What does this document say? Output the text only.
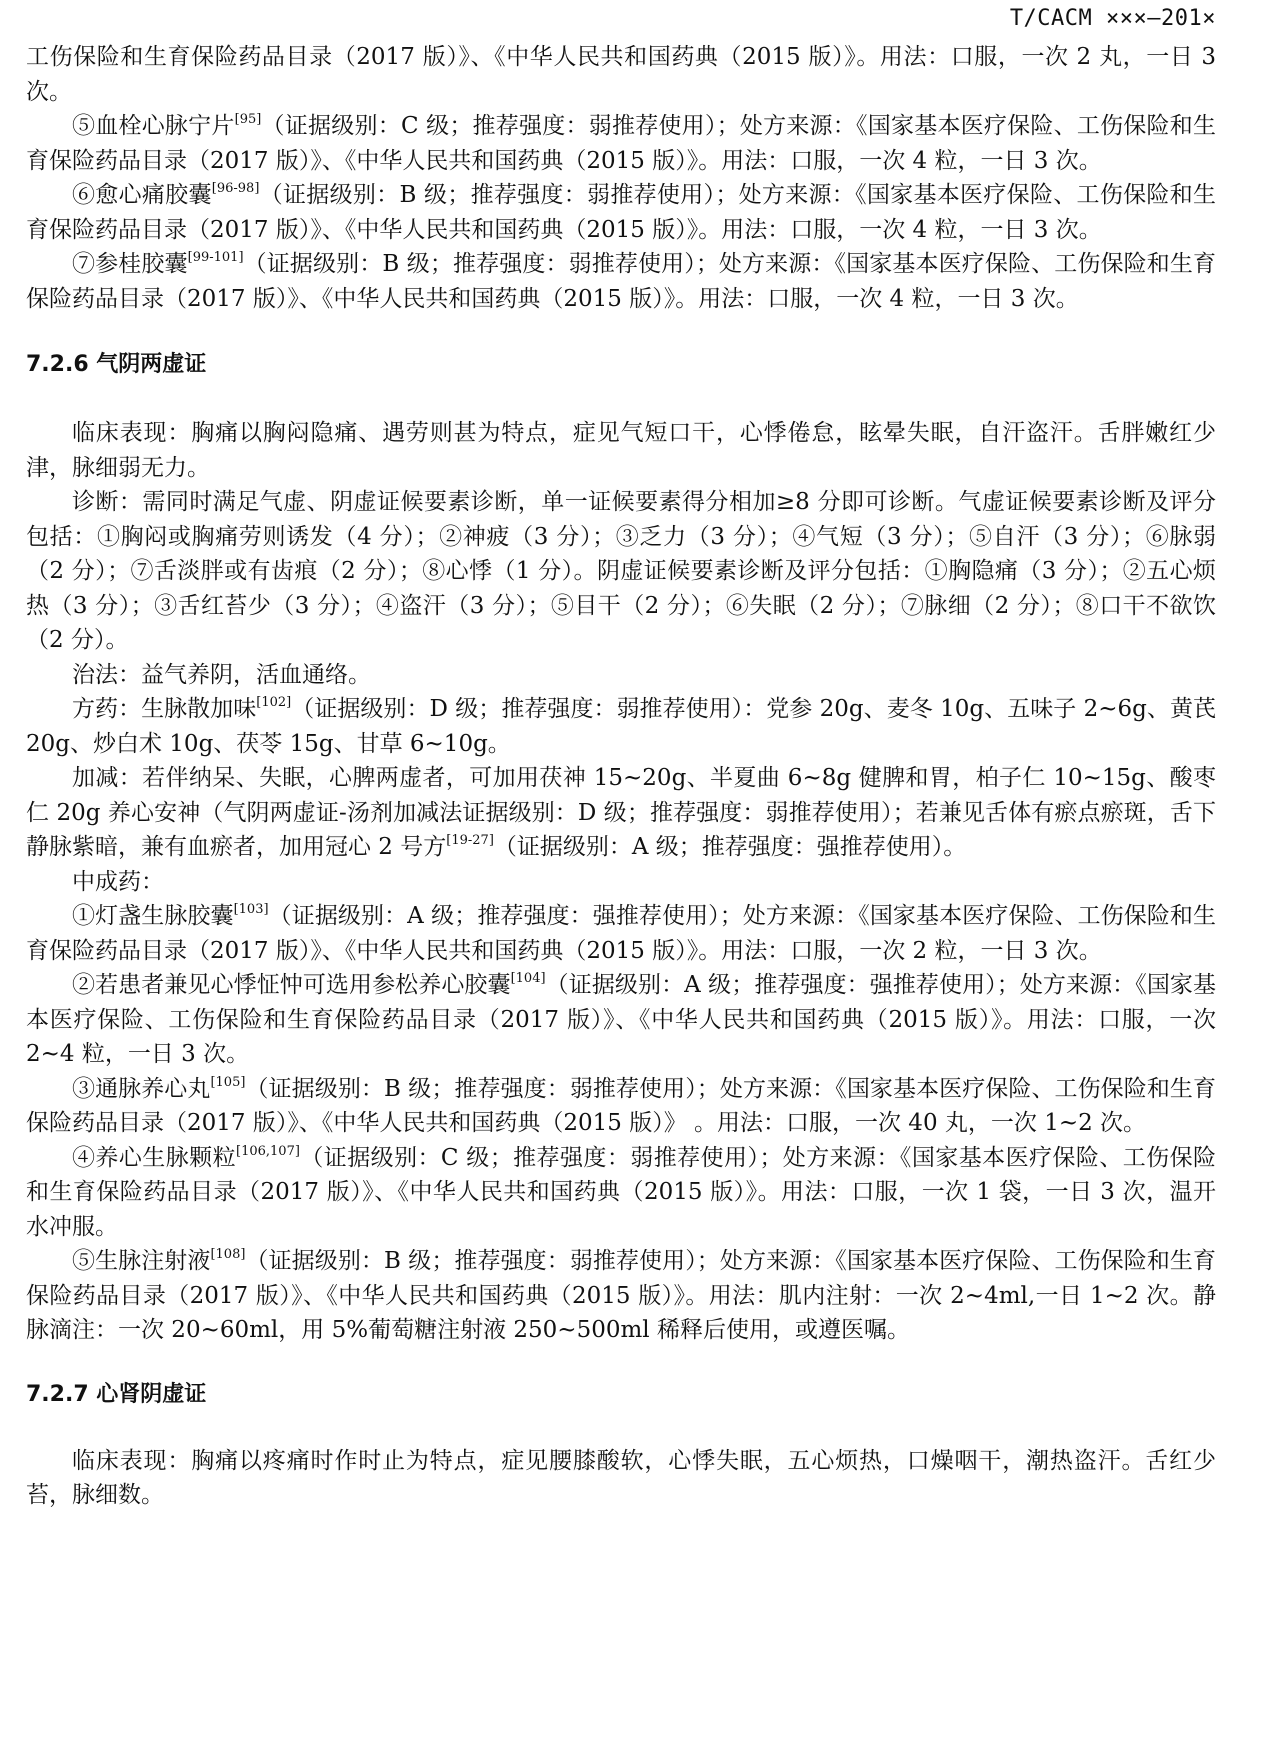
T/CACM ×××—201×

工伤保险和生育保险药品目录（2017 版）》、《中华人民共和国药典（2015 版）》。用法：口服，一次 2 丸，一日 3 次。

⑤血栓心脉宁片[95]（证据级别：C 级；推荐强度：弱推荐使用）；处方来源：《国家基本医疗保险、工伤保险和生育保险药品目录（2017 版）》、《中华人民共和国药典（2015 版）》。用法：口服，一次 4 粒，一日 3 次。

⑥愈心痛胶囊[96-98]（证据级别：B 级；推荐强度：弱推荐使用）；处方来源：《国家基本医疗保险、工伤保险和生育保险药品目录（2017 版）》、《中华人民共和国药典（2015 版）》。用法：口服，一次 4 粒，一日 3 次。

⑦参桂胶囊[99-101]（证据级别：B 级；推荐强度：弱推荐使用）；处方来源：《国家基本医疗保险、工伤保险和生育保险药品目录（2017 版）》、《中华人民共和国药典（2015 版）》。用法：口服，一次 4 粒，一日 3 次。

7.2.6 气阴两虚证

临床表现：胸痛以胸闷隐痛、遇劳则甚为特点，症见气短口干，心悸倦怠，眩晕失眠，自汗盗汗。舌胖嫩红少津，脉细弱无力。

诊断：需同时满足气虚、阴虚证候要素诊断，单一证候要素得分相加≥8 分即可诊断。气虚证候要素诊断及评分包括：①胸闷或胸痛劳则诱发（4 分）；②神疲（3 分）；③乏力（3 分）；④气短（3 分）；⑤自汗（3 分）；⑥脉弱（2 分）；⑦舌淡胖或有齿痕（2 分）；⑧心悸（1 分）。阴虚证候要素诊断及评分包括：①胸隐痛（3 分）；②五心烦热（3 分）；③舌红苔少（3 分）；④盗汗（3 分）；⑤目干（2 分）；⑥失眠（2 分）；⑦脉细（2 分）；⑧口干不欲饮（2 分）。

治法：益气养阴，活血通络。

方药：生脉散加味[102]（证据级别：D 级；推荐强度：弱推荐使用）：党参 20g、麦冬 10g、五味子 2~6g、黄芪 20g、炒白术 10g、茯苓 15g、甘草 6~10g。

加减：若伴纳呆、失眠，心脾两虚者，可加用茯神 15~20g、半夏曲 6~8g 健脾和胃，柏子仁 10~15g、酸枣仁 20g 养心安神（气阴两虚证-汤剂加减法证据级别：D 级；推荐强度：弱推荐使用）；若兼见舌体有瘀点瘀斑，舌下静脉紫暗，兼有血瘀者，加用冠心 2 号方[19-27]（证据级别：A 级；推荐强度：强推荐使用）。

中成药：

①灯盏生脉胶囊[103]（证据级别：A 级；推荐强度：强推荐使用）；处方来源：《国家基本医疗保险、工伤保险和生育保险药品目录（2017 版）》、《中华人民共和国药典（2015 版）》。用法：口服，一次 2 粒，一日 3 次。

②若患者兼见心悸怔忡可选用参松养心胶囊[104]（证据级别：A 级；推荐强度：强推荐使用）；处方来源：《国家基本医疗保险、工伤保险和生育保险药品目录（2017 版）》、《中华人民共和国药典（2015 版）》。用法：口服，一次 2~4 粒，一日 3 次。

③通脉养心丸[105]（证据级别：B 级；推荐强度：弱推荐使用）；处方来源：《国家基本医疗保险、工伤保险和生育保险药品目录（2017 版）》、《中华人民共和国药典（2015 版）》 。用法：口服，一次 40 丸，一次 1~2 次。

④养心生脉颗粒[106,107]（证据级别：C 级；推荐强度：弱推荐使用）；处方来源：《国家基本医疗保险、工伤保险和生育保险药品目录（2017 版）》、《中华人民共和国药典（2015 版）》。用法：口服，一次 1 袋，一日 3 次，温开水冲服。

⑤生脉注射液[108]（证据级别：B 级；推荐强度：弱推荐使用）；处方来源：《国家基本医疗保险、工伤保险和生育保险药品目录（2017 版）》、《中华人民共和国药典（2015 版）》。用法：肌内注射：一次 2~4ml,一日 1~2 次。静脉滴注：一次 20~60ml，用 5%葡萄糖注射液 250~500ml 稀释后使用，或遵医嘱。

7.2.7 心肾阴虚证

临床表现：胸痛以疼痛时作时止为特点，症见腰膝酸软，心悸失眠，五心烦热，口燥咽干，潮热盗汗。舌红少苔，脉细数。
